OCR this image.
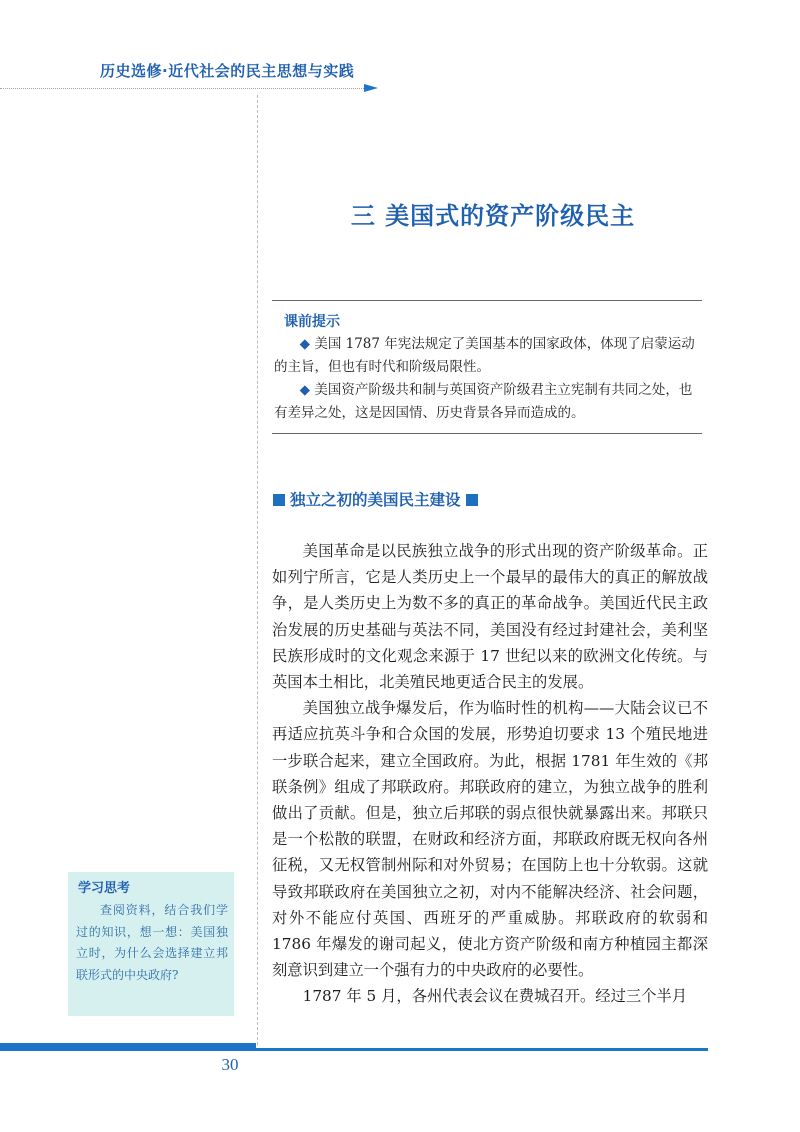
历史选修·近代社会的民主思想与实践
三 美国式的资产阶级民主
课前提示

◆ 美国 1787 年宪法规定了美国基本的国家政体，体现了启蒙运动的主旨，但也有时代和阶级局限性。

◆ 美国资产阶级共和制与英国资产阶级君主立宪制有共同之处，也有差异之处，这是因国情、历史背景各异而造成的。

独立之初的美国民主建设

美国革命是以民族独立战争的形式出现的资产阶级革命。正如列宁所言，它是人类历史上一个最早的最伟大的真正的解放战争，是人类历史上为数不多的真正的革命战争。美国近代民主政治发展的历史基础与英法不同，美国没有经过封建社会，美利坚民族形成时的文化观念来源于 17 世纪以来的欧洲文化传统。与英国本土相比，北美殖民地更适合民主的发展。

美国独立战争爆发后，作为临时性的机构——大陆会议已不再适应抗英斗争和合众国的发展，形势迫切要求 13 个殖民地进一步联合起来，建立全国政府。为此，根据 1781 年生效的《邦联条例》组成了邦联政府。邦联政府的建立，为独立战争的胜利做出了贡献。但是，独立后邦联的弱点很快就暴露出来。邦联只是一个松散的联盟，在财政和经济方面，邦联政府既无权向各州征税，又无权管制州际和对外贸易；在国防上也十分软弱。这就导致邦联政府在美国独立之初，对内不能解决经济、社会问题，对外不能应付英国、西班牙的严重威胁。邦联政府的软弱和 1786 年爆发的谢司起义，使北方资产阶级和南方种植园主都深刻意识到建立一个强有力的中央政府的必要性。

1787 年 5 月，各州代表会议在费城召开。经过三个半月

学习思考

查阅资料，结合我们学过的知识，想一想：美国独立时，为什么会选择建立邦联形式的中央政府?

30
